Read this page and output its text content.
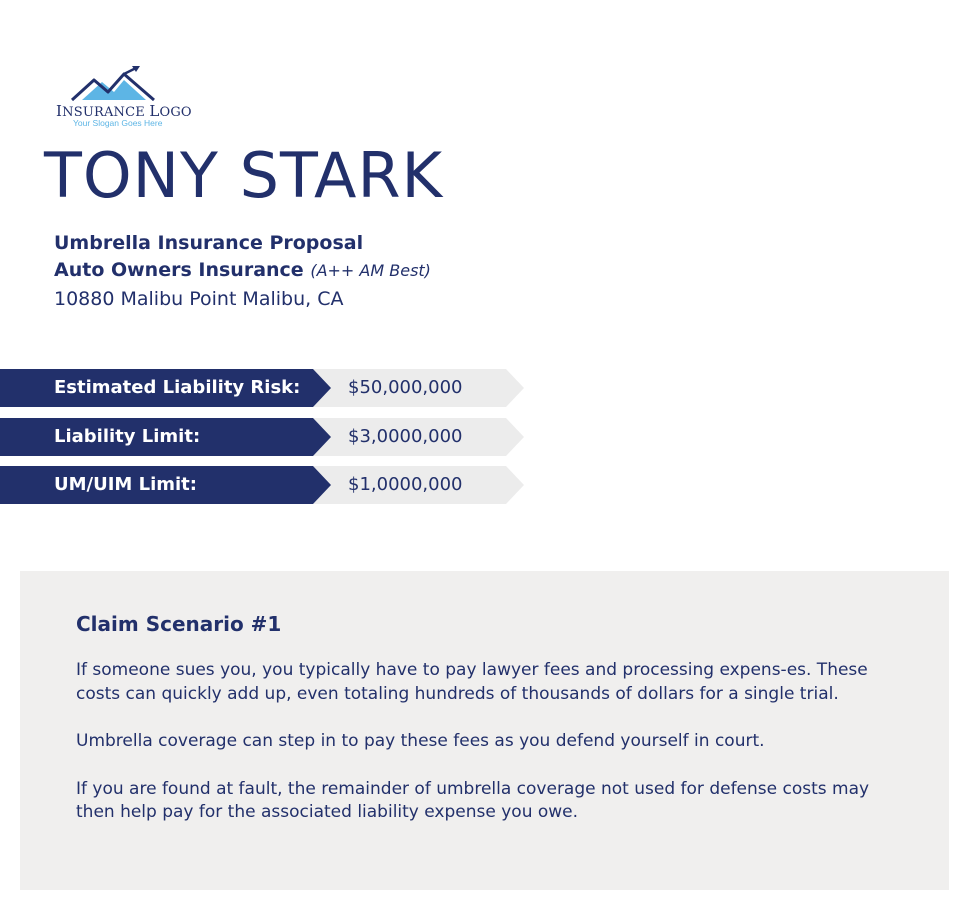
INSURANCE LOGO
Your Slogan Goes Here
TONY STARK
Umbrella Insurance Proposal
Auto Owners Insurance (A++ AM Best)
10880 Malibu Point Malibu, CA
Estimated Liability Risk:	$50,000,000
Liability Limit:	$3,0000,000
UM/UIM Limit:	$1,0000,000
Claim Scenario #1

If someone sues you, you typically have to pay lawyer fees and processing expens-es. These costs can quickly add up, even totaling hundreds of thousands of dollars for a single trial.

Umbrella coverage can step in to pay these fees as you defend yourself in court.

If you are found at fault, the remainder of umbrella coverage not used for defense costs may then help pay for the associated liability expense you owe.
